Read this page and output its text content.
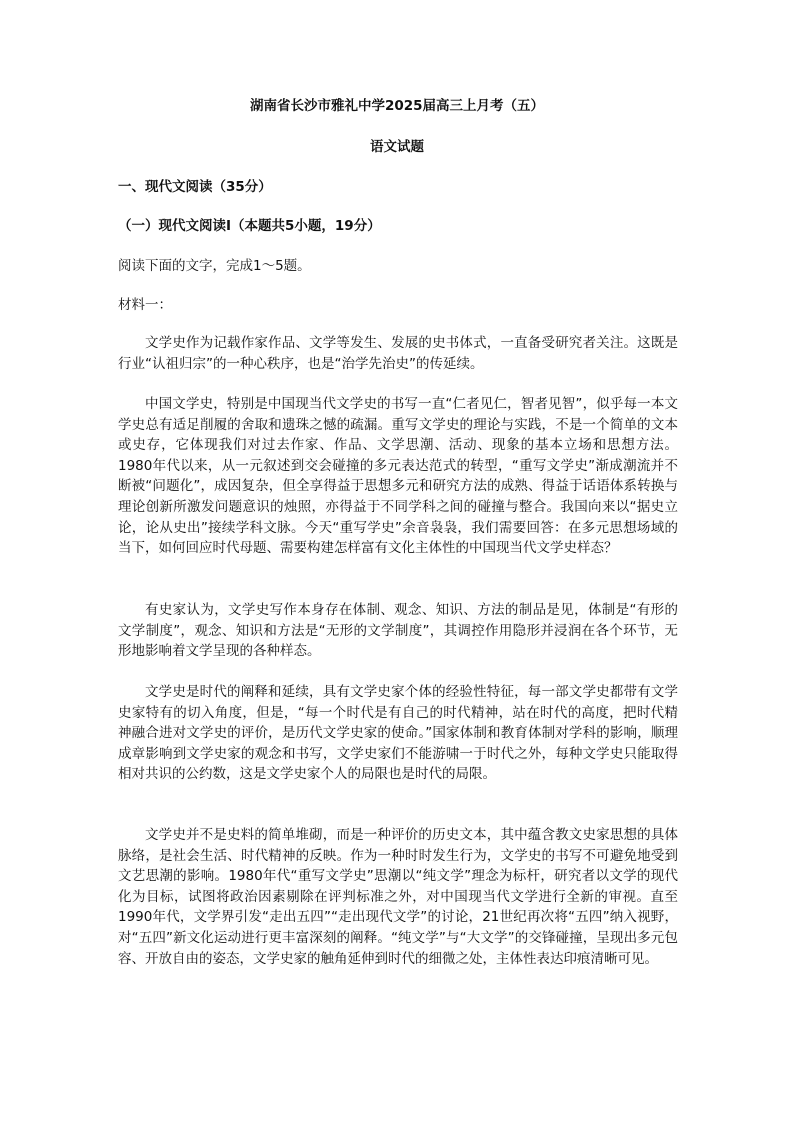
湖南省长沙市雅礼中学2025届高三上月考（五）
语文试题
一、现代文阅读（35分）
（一）现代文阅读Ⅰ（本题共5小题，19分）
阅读下面的文字，完成1～5题。
材料一：

文学史作为记载作家作品、文学等发生、发展的史书体式，一直备受研究者关注。这既是行业“认祖归宗”的一种心秩序，也是“治学先治史”的传延续。

中国文学史，特别是中国现当代文学史的书写一直“仁者见仁，智者见智”，似乎每一本文学史总有适足削履的舍取和遗珠之憾的疏漏。重写文学史的理论与实践，不是一个简单的文本或史存，它体现我们对过去作家、作品、文学思潮、活动、现象的基本立场和思想方法。1980年代以来，从一元叙述到交会碰撞的多元表达范式的转型，“重写文学史”渐成潮流并不断被“问题化”，成因复杂，但全享得益于思想多元和研究方法的成熟、得益于话语体系转换与理论创新所激发问题意识的烛照，亦得益于不同学科之间的碰撞与整合。我国向来以“据史立论，论从史出”接续学科文脉。今天“重写学史”余音袅袅，我们需要回答：在多元思想场域的当下，如何回应时代母题、需要构建怎样富有文化主体性的中国现当代文学史样态？

有史家认为，文学史写作本身存在体制、观念、知识、方法的制品是见，体制是“有形的文学制度”，观念、知识和方法是“无形的文学制度”，其调控作用隐形并浸润在各个环节，无形地影响着文学呈现的各种样态。

文学史是时代的阐释和延续，具有文学史家个体的经验性特征，每一部文学史都带有文学史家特有的切入角度，但是，“每一个时代是有自己的时代精神，站在时代的高度，把时代精神融合进对文学史的评价，是历代文学史家的使命。”国家体制和教育体制对学科的影响，顺理成章影响到文学史家的观念和书写，文学史家们不能游啸一于时代之外，每种文学史只能取得相对共识的公约数，这是文学史家个人的局限也是时代的局限。

文学史并不是史料的简单堆砌，而是一种评价的历史文本，其中蕴含教文史家思想的具体脉络，是社会生活、时代精神的反映。作为一种时时发生行为，文学史的书写不可避免地受到文艺思潮的影响。1980年代“重写文学史”思潮以“纯文学”理念为标杆，研究者以文学的现代化为目标，试图将政治因素剔除在评判标准之外，对中国现当代文学进行全新的审视。直至1990年代，文学界引发“走出五四”“走出现代文学”的讨论，21世纪再次将“五四”纳入视野，对“五四”新文化运动进行更丰富深刻的阐释。“纯文学”与“大文学”的交锋碰撞，呈现出多元包容、开放自由的姿态，文学史家的触角延伸到时代的细微之处，主体性表达印痕清晰可见。
